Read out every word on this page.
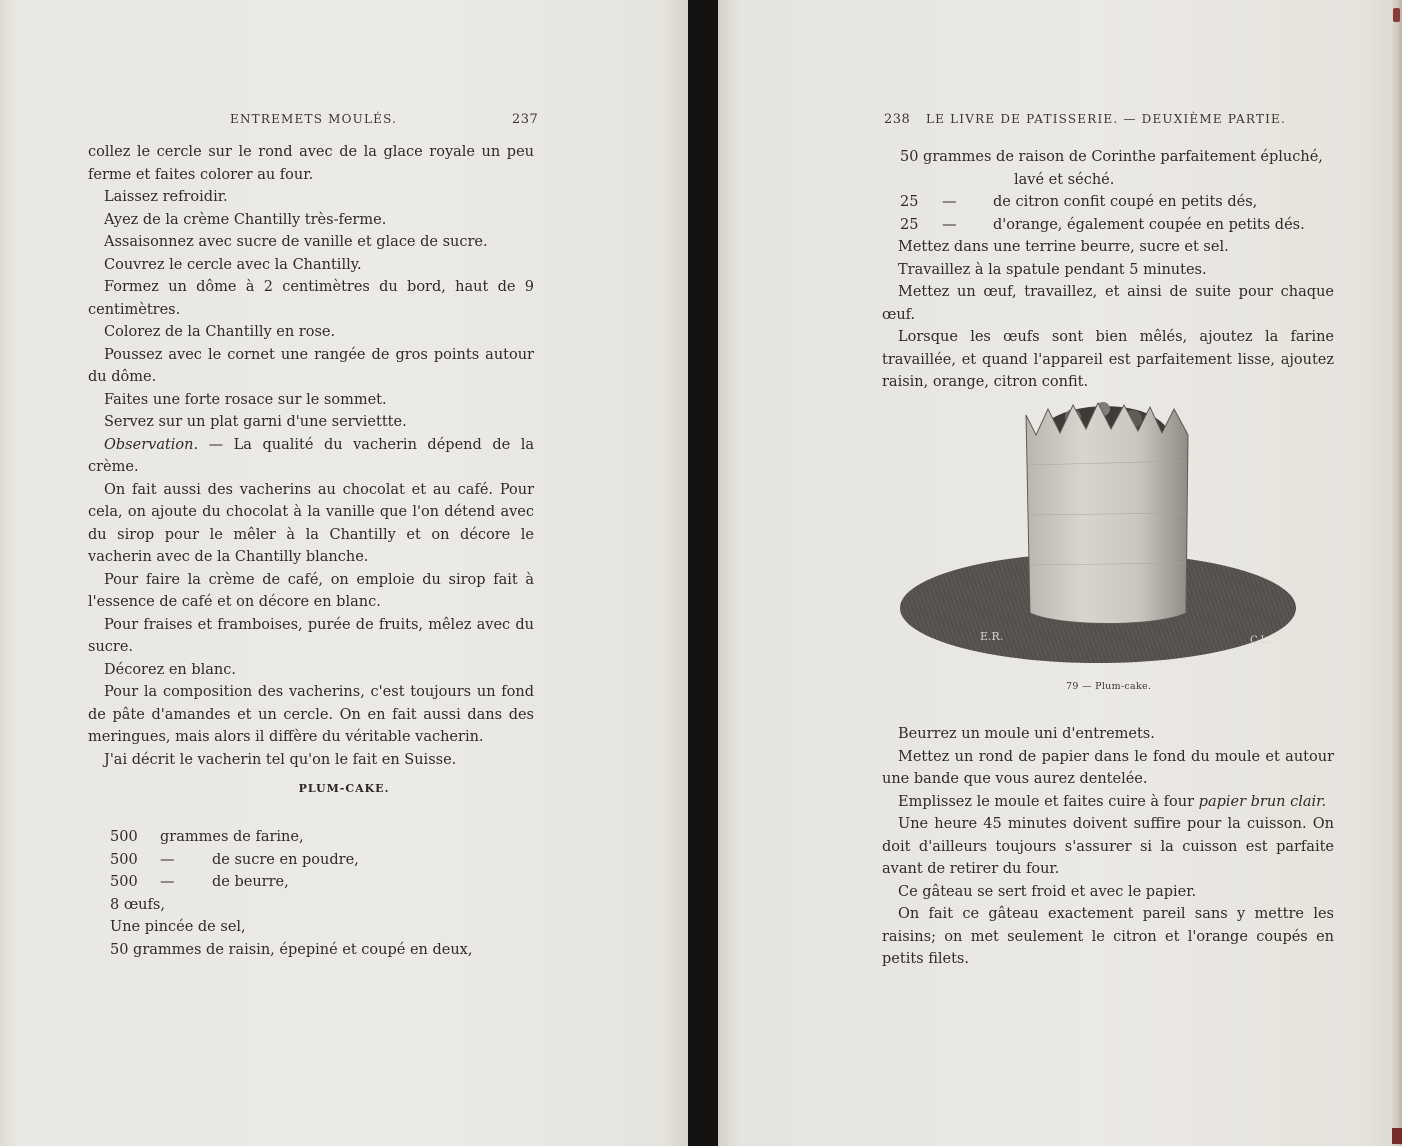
ENTREMETS MOULÉS.	237

collez le cercle sur le rond avec de la glace royale un peu ferme et faites colorer au four.

Laissez refroidir.

Ayez de la crème Chantilly très-ferme.

Assaisonnez avec sucre de vanille et glace de sucre.

Couvrez le cercle avec la Chantilly.

Formez un dôme à 2 centimètres du bord, haut de 9 centimètres.

Colorez de la Chantilly en rose.

Poussez avec le cornet une rangée de gros points autour du dôme.

Faites une forte rosace sur le sommet.

Servez sur un plat garni d'une serviettte.

Observation. — La qualité du vacherin dépend de la crème.

On fait aussi des vacherins au chocolat et au café. Pour cela, on ajoute du chocolat à la vanille que l'on détend avec du sirop pour le mêler à la Chantilly et on décore le vacherin avec de la Chantilly blanche.

Pour faire la crème de café, on emploie du sirop fait à l'essence de café et on décore en blanc.

Pour fraises et framboises, purée de fruits, mêlez avec du sucre.

Décorez en blanc.

Pour la composition des vacherins, c'est toujours un fond de pâte d'amandes et un cercle. On en fait aussi dans des meringues, mais alors il diffère du véritable vacherin.

J'ai décrit le vacherin tel qu'on le fait en Suisse.

PLUM-CAKE.
500 grammes de farine,
500 —	de sucre en poudre,
500 —	de beurre,
8 œufs,
Une pincée de sel,
50 grammes de raisin, épepiné et coupé en deux,
238 LE LIVRE DE PATISSERIE. — DEUXIÈME PARTIE.
50 grammes de raison de Corinthe parfaitement épluché,
lavé et séché.
25 —	de citron confit coupé en petits dés,
25 —	d'orange, également coupée en petits dés.

Mettez dans une terrine beurre, sucre et sel.

Travaillez à la spatule pendant 5 minutes.

Mettez un œuf, travaillez, et ainsi de suite pour chaque œuf.

Lorsque les œufs sont bien mêlés, ajoutez la farine travaillée, et quand l'appareil est parfaitement lisse, ajoutez raisin, orange, citron confit.

E.R.	C.L.
79 — Plum-cake.

Beurrez un moule uni d'entremets.

Mettez un rond de papier dans le fond du moule et autour une bande que vous aurez dentelée.

Emplissez le moule et faites cuire à four papier brun clair.

Une heure 45 minutes doivent suffire pour la cuisson. On doit d'ailleurs toujours s'assurer si la cuisson est parfaite avant de retirer du four.

Ce gâteau se sert froid et avec le papier.

On fait ce gâteau exactement pareil sans y mettre les raisins; on met seulement le citron et l'orange coupés en petits filets.
